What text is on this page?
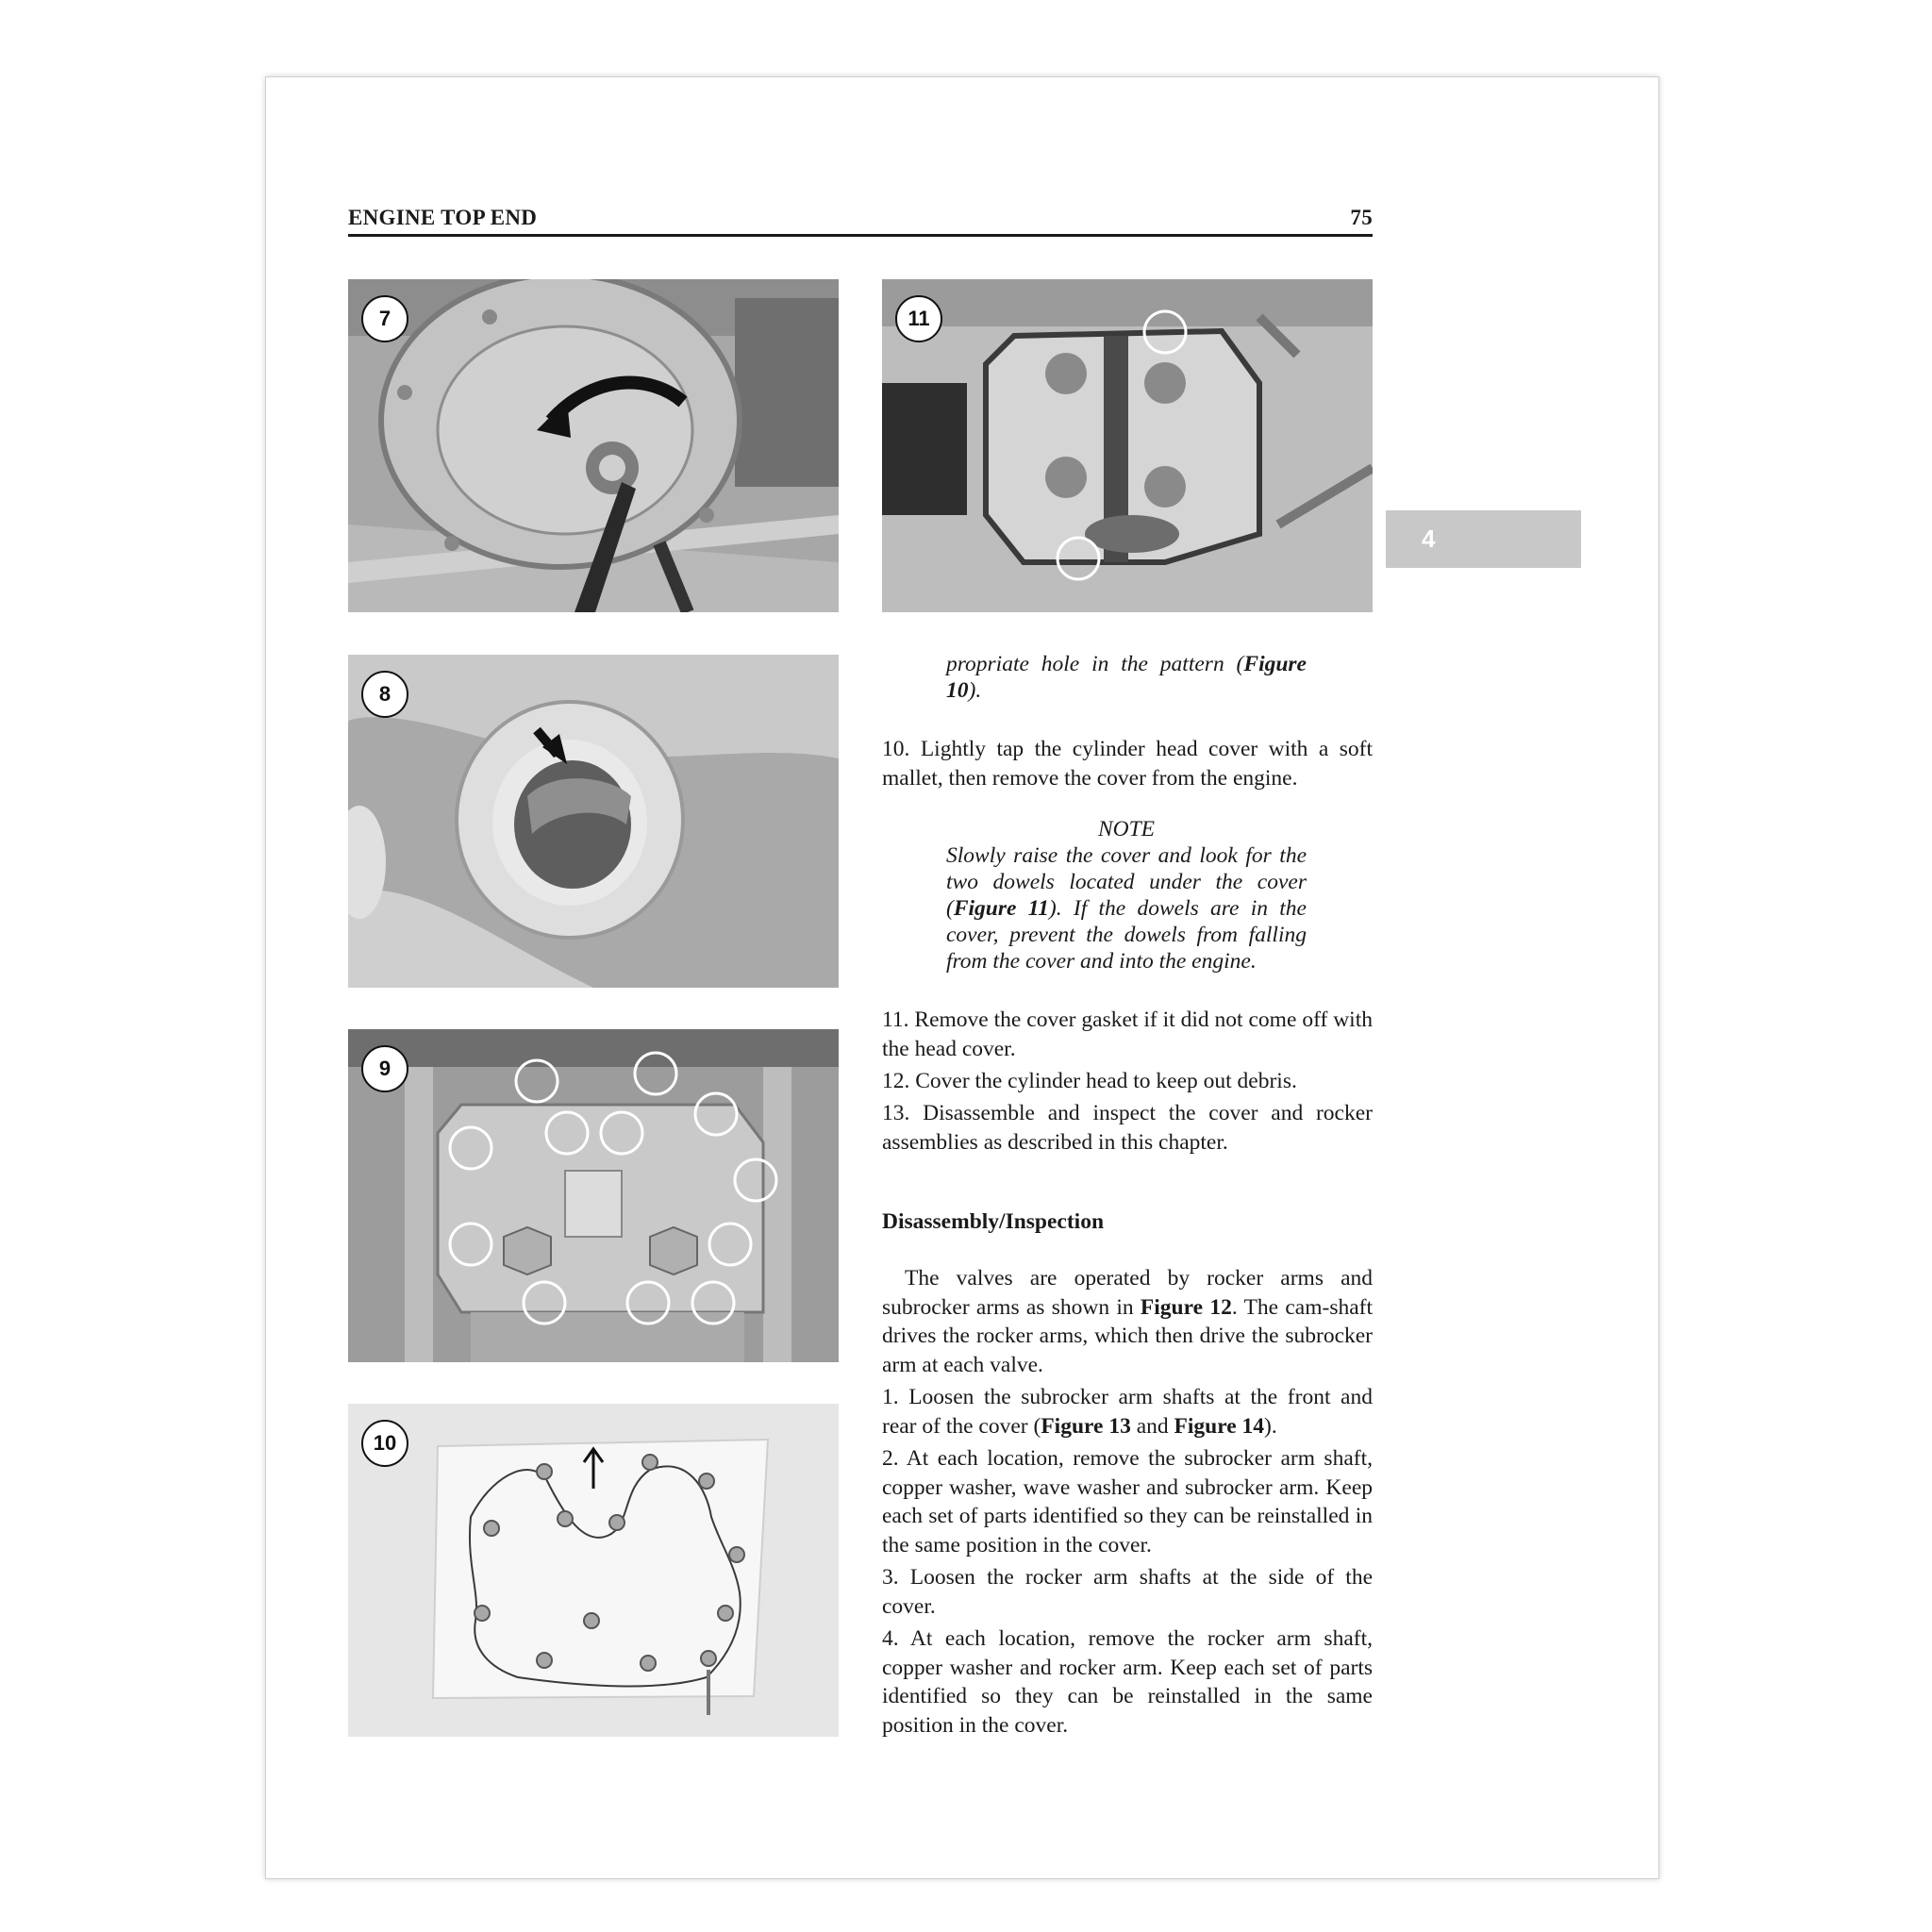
ENGINE TOP END	75
4
7	11
8
9
10
propriate hole in the pattern (Figure 10).
10. Lightly tap the cylinder head cover with a soft mallet, then remove the cover from the engine.
NOTE
Slowly raise the cover and look for the two dowels located under the cover (Figure 11). If the dowels are in the cover, prevent the dowels from falling from the cover and into the engine.
11. Remove the cover gasket if it did not come off with the head cover.
12. Cover the cylinder head to keep out debris.
13. Disassemble and inspect the cover and rocker assemblies as described in this chapter.
Disassembly/Inspection
The valves are operated by rocker arms and subrocker arms as shown in Figure 12. The cam-shaft drives the rocker arms, which then drive the subrocker arm at each valve.
1. Loosen the subrocker arm shafts at the front and rear of the cover (Figure 13 and Figure 14).
2. At each location, remove the subrocker arm shaft, copper washer, wave washer and subrocker arm. Keep each set of parts identified so they can be reinstalled in the same position in the cover.
3. Loosen the rocker arm shafts at the side of the cover.
4. At each location, remove the rocker arm shaft, copper washer and rocker arm. Keep each set of parts identified so they can be reinstalled in the same position in the cover.
